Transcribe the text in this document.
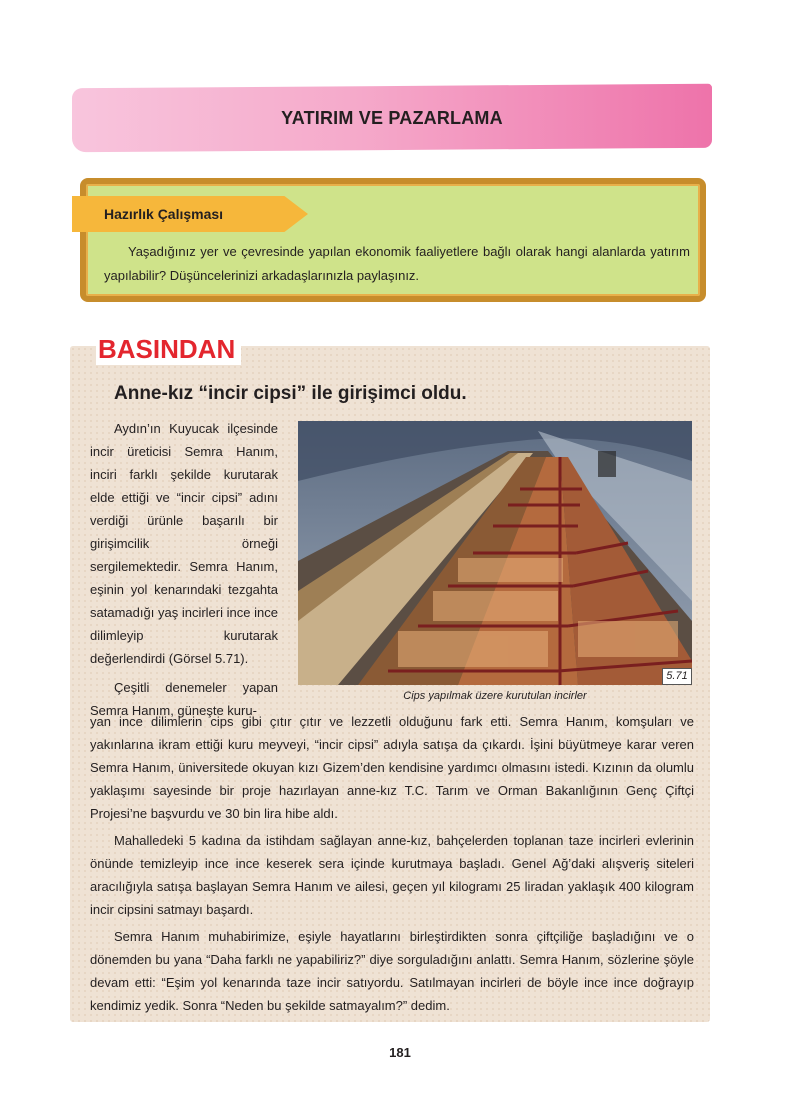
YATIRIM VE PAZARLAMA
Hazırlık Çalışması
Yaşadığınız yer ve çevresinde yapılan ekonomik faaliyetlere bağlı olarak hangi alanlarda yatırım yapılabilir? Düşüncelerinizi arkadaşlarınızla paylaşınız.
BASINDAN
Anne-kız “incir cipsi” ile girişimci oldu.

Aydın’ın Kuyucak ilçesinde incir üreticisi Semra Hanım, inciri farklı şekilde kurutarak elde ettiği ve “incir cipsi” adını verdiği ürünle başarılı bir girişimcilik örneği sergilemektedir. Semra Hanım, eşinin yol kenarındaki tezgahta satamadığı yaş incirleri ince ince dilimleyip kurutarak değerlendirdi (Görsel 5.71).

Çeşitli denemeler yapan Semra Hanım, güneşte kuru-

5.71
Cips yapılmak üzere kurutulan incirler

yan ince dilimlerin cips gibi çıtır çıtır ve lezzetli olduğunu fark etti. Semra Hanım, komşuları ve yakınlarına ikram ettiği kuru meyveyi, “incir cipsi” adıyla satışa da çıkardı. İşini büyütmeye karar veren Semra Hanım, üniversitede okuyan kızı Gizem’den kendisine yardımcı olmasını istedi. Kızının da olumlu yaklaşımı sayesinde bir proje hazırlayan anne-kız T.C. Tarım ve Orman Bakanlığının Genç Çiftçi Projesi’ne başvurdu ve 30 bin lira hibe aldı.

Mahalledeki 5 kadına da istihdam sağlayan anne-kız, bahçelerden toplanan taze incirleri evlerinin önünde temizleyip ince ince keserek sera içinde kurutmaya başladı. Genel Ağ’daki alışveriş siteleri aracılığıyla satışa başlayan Semra Hanım ve ailesi, geçen yıl kilogramı 25 liradan yaklaşık 400 kilogram incir cipsini satmayı başardı.

Semra Hanım muhabirimize, eşiyle hayatlarını birleştirdikten sonra çiftçiliğe başladığını ve o dönemden bu yana “Daha farklı ne yapabiliriz?” diye sorguladığını anlattı. Semra Hanım, sözlerine şöyle devam etti: “Eşim yol kenarında taze incir satıyordu. Satılmayan incirleri de böyle ince ince doğrayıp kendimiz yedik. Sonra “Neden bu şekilde satmayalım?” dedim.

181
